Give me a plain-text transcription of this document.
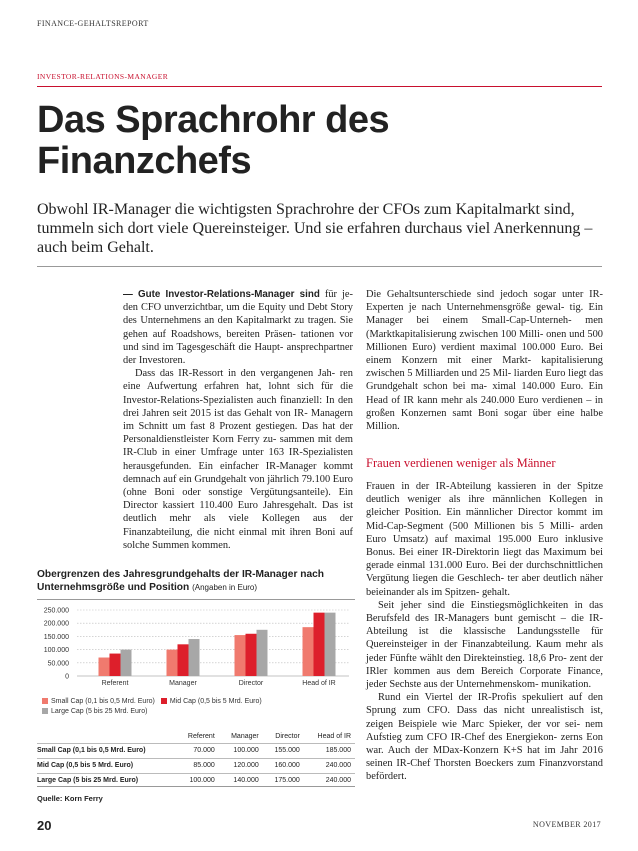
FINANCE-GEHALTSREPORT
INVESTOR-RELATIONS-MANAGER
Das Sprachrohr des Finanzchefs

Obwohl IR-Manager die wichtigsten Sprachrohre der CFOs zum Kapitalmarkt sind, tummeln sich dort viele Quereinsteiger. Und sie erfahren durchaus viel Anerkennung – auch beim Gehalt.

— Gute Investor-Relations-Manager sind für je- den CFO unverzichtbar, um die Equity und Debt Story des Unternehmens an den Kapitalmarkt zu tragen. Sie gehen auf Roadshows, bereiten Präsen- tationen vor und sind im Tagesgeschäft die Haupt- ansprechpartner der Investoren.

Dass das IR-Ressort in den vergangenen Jah- ren eine Aufwertung erfahren hat, lohnt sich für die Investor-Relations-Spezialisten auch finanziell: In den drei Jahren seit 2015 ist das Gehalt von IR- Managern im Schnitt um fast 8 Prozent gestiegen. Das hat der Personaldienstleister Korn Ferry zu- sammen mit dem IR-Club in einer Umfrage unter 163 IR-Spezialisten herausgefunden. Ein einfacher IR-Manager kommt demnach auf ein Grundgehalt von jährlich 79.100 Euro (ohne Boni oder sonstige Vergütungsanteile). Ein Director kassiert 110.400 Euro Jahresgehalt. Das ist deutlich mehr als viele Kollegen aus der Finanzabteilung, die nicht einmal mit ihren Boni auf solche Summen kommen.

Die Gehaltsunterschiede sind jedoch sogar unter IR-Experten je nach Unternehmensgröße gewal- tig. Ein Manager bei einem Small-Cap-Unterneh- men (Marktkapitalisierung zwischen 100 Milli- onen und 500 Millionen Euro) verdient maximal 100.000 Euro. Bei einem Konzern mit einer Markt- kapitalisierung zwischen 5 Milliarden und 25 Mil- liarden Euro liegt das Grundgehalt schon bei ma- ximal 140.000 Euro. Ein Head of IR kann mehr als 240.000 Euro verdienen – in großen Konzernen samt Boni sogar über eine halbe Million.

Frauen verdienen weniger als Männer

Frauen in der IR-Abteilung kassieren in der Spitze deutlich weniger als ihre männlichen Kollegen in gleicher Position. Ein männlicher Director kommt im Mid-Cap-Segment (500 Millionen bis 5 Milli- arden Euro Umsatz) auf maximal 195.000 Euro inklusive Bonus. Bei einer IR-Direktorin liegt das Maximum bei gerade einmal 131.000 Euro. Bei der durchschnittlichen Vergütung liegen die Geschlech- ter aber deutlich näher beieinander als im Spitzen- gehalt.

Seit jeher sind die Einstiegsmöglichkeiten in das Berufsfeld des IR-Managers bunt gemischt – die IR-Abteilung ist die klassische Landungsstelle für Quereinsteiger in der Finanzabteilung. Kaum mehr als jeder Fünfte wählt den Direkteinstieg. 18,6 Pro- zent der IRler kommen aus dem Bereich Corporate Finance, jeder Sechste aus der Unternehmenskom- munikation.

Rund ein Viertel der IR-Profis spekuliert auf den Sprung zum CFO. Dass das nicht unrealistisch ist, zeigen Beispiele wie Marc Spieker, der vor sei- nem Aufstieg zum CFO IR-Chef des Energiekon- zerns Eon war. Auch der MDax-Konzern K+S hat im Jahr 2016 seinen IR-Chef Thorsten Boeckers zum Finanzvorstand befördert.

Obergrenzen des Jahresgrundgehalts der IR-Manager nach Unternehmsgröße und Position (Angaben in Euro)
0
50.000
100.000
150.000
200.000
250.000
Referent	Manager	Director	Head of IR
Small Cap (0,1 bis 0,5 Mrd. Euro) Mid Cap (0,5 bis 5 Mrd. Euro)Large Cap (5 bis 25 Mrd. Euro)
	Referent	Manager	Director	Head of IR
Small Cap (0,1 bis 0,5 Mrd. Euro)	70.000	100.000	155.000	185.000
Mid Cap (0,5 bis 5 Mrd. Euro)	85.000	120.000	160.000	240.000
Large Cap (5 bis 25 Mrd. Euro)	100.000	140.000	175.000	240.000
Quelle: Korn Ferry
20	NOVEMBER 2017
